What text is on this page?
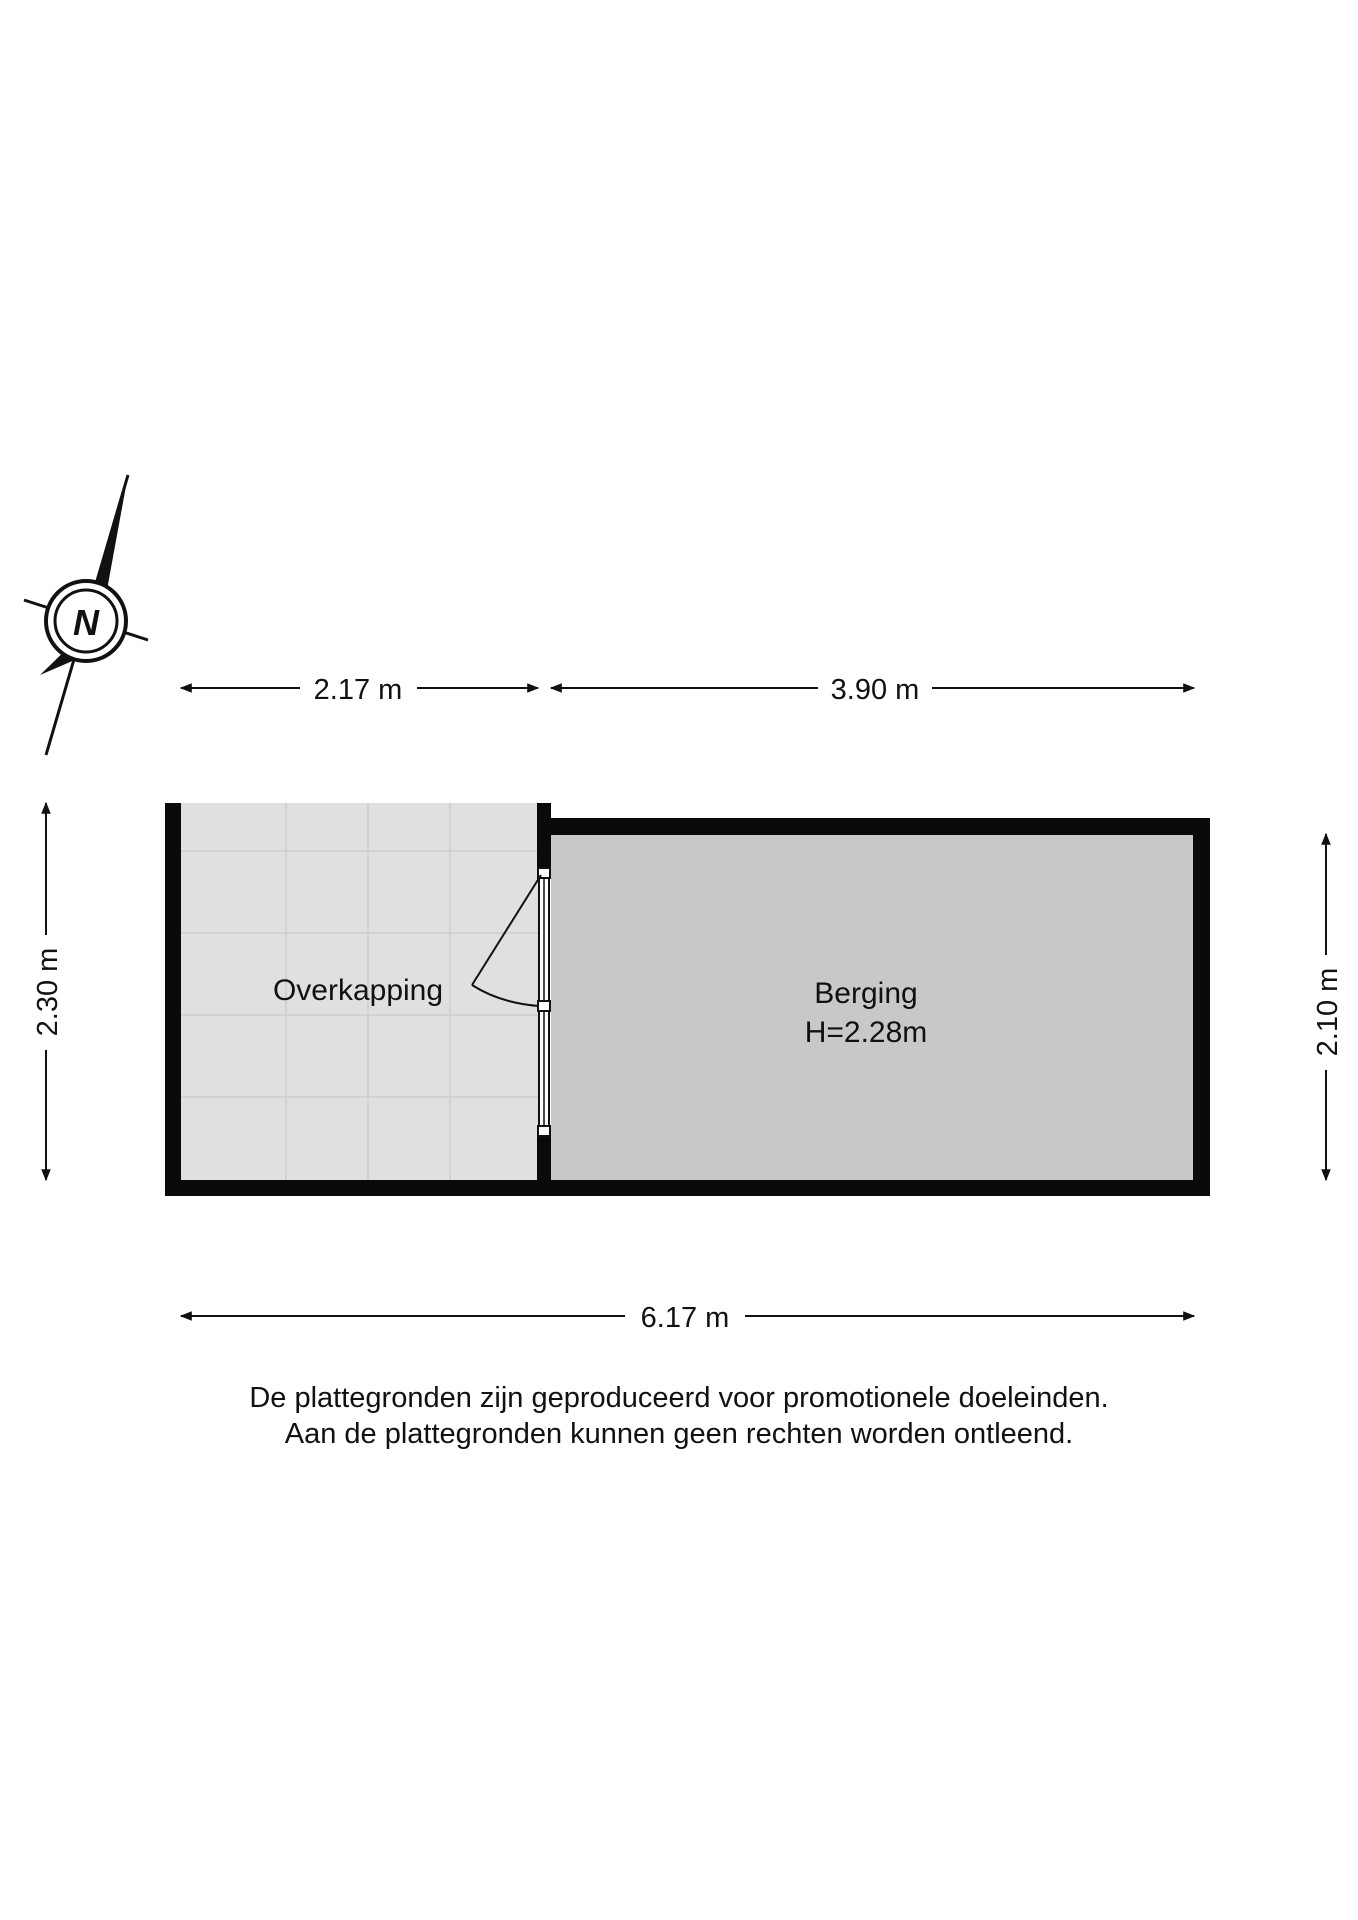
N
2.17 m	3.90 m
2.30 m	2.10 m
6.17 m
Overkapping	Berging
H=2.28m
De plattegronden zijn geproduceerd voor promotionele doeleinden.
Aan de plattegronden kunnen geen rechten worden ontleend.
